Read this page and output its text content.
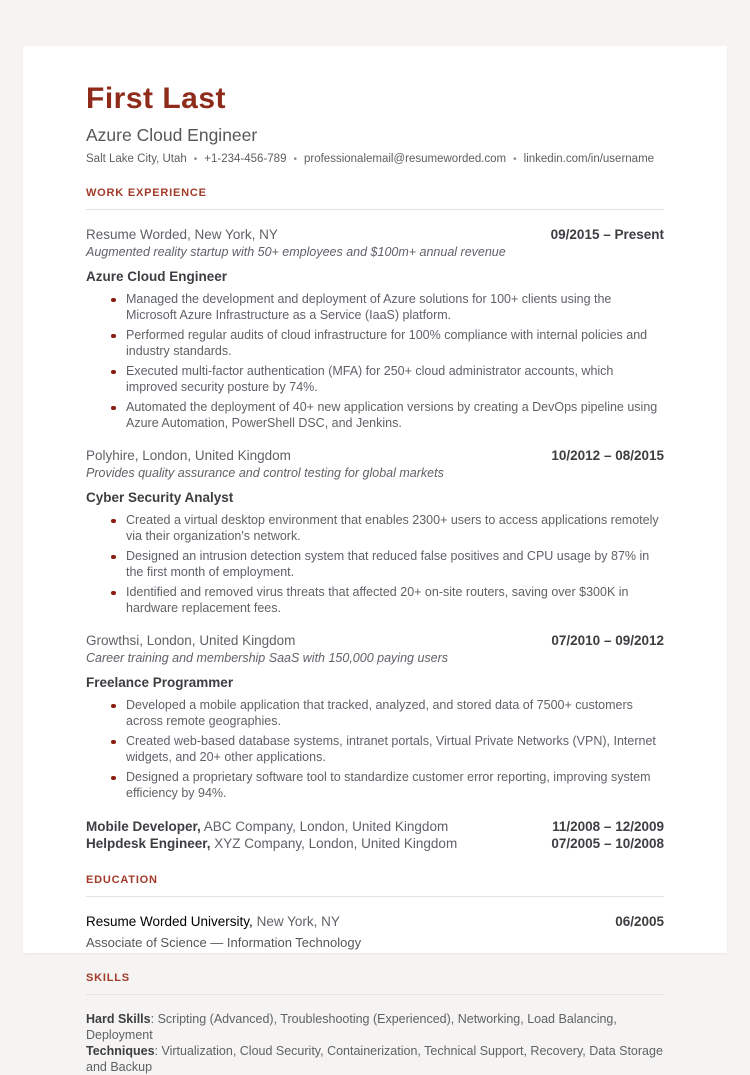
First Last
Azure Cloud Engineer
Salt Lake City, Utah • +1-234-456-789 • professionalemail@resumeworded.com • linkedin.com/in/username
WORK EXPERIENCE
Resume Worded, New York, NY	09/2015 – Present
Augmented reality startup with 50+ employees and $100m+ annual revenue
Azure Cloud Engineer
Managed the development and deployment of Azure solutions for 100+ clients using the Microsoft Azure Infrastructure as a Service (IaaS) platform.
Performed regular audits of cloud infrastructure for 100% compliance with internal policies and industry standards.
Executed multi-factor authentication (MFA) for 250+ cloud administrator accounts, which improved security posture by 74%.
Automated the deployment of 40+ new application versions by creating a DevOps pipeline using Azure Automation, PowerShell DSC, and Jenkins.
Polyhire, London, United Kingdom	10/2012 – 08/2015
Provides quality assurance and control testing for global markets
Cyber Security Analyst
Created a virtual desktop environment that enables 2300+ users to access applications remotely via their organization's network.
Designed an intrusion detection system that reduced false positives and CPU usage by 87% in the first month of employment.
Identified and removed virus threats that affected 20+ on-site routers, saving over $300K in hardware replacement fees.
Growthsi, London, United Kingdom	07/2010 – 09/2012
Career training and membership SaaS with 150,000 paying users
Freelance Programmer
Developed a mobile application that tracked, analyzed, and stored data of 7500+ customers across remote geographies.
Created web-based database systems, intranet portals, Virtual Private Networks (VPN), Internet widgets, and 20+ other applications.
Designed a proprietary software tool to standardize customer error reporting, improving system efficiency by 94%.
Mobile Developer, ABC Company, London, United Kingdom	11/2008 – 12/2009
Helpdesk Engineer, XYZ Company, London, United Kingdom	07/2005 – 10/2008
EDUCATION
Resume Worded University, New York, NY	06/2005
Associate of Science — Information Technology
SKILLS
Hard Skills: Scripting (Advanced), Troubleshooting (Experienced), Networking, Load Balancing, Deployment
Techniques: Virtualization, Cloud Security, Containerization, Technical Support, Recovery, Data Storage and Backup
